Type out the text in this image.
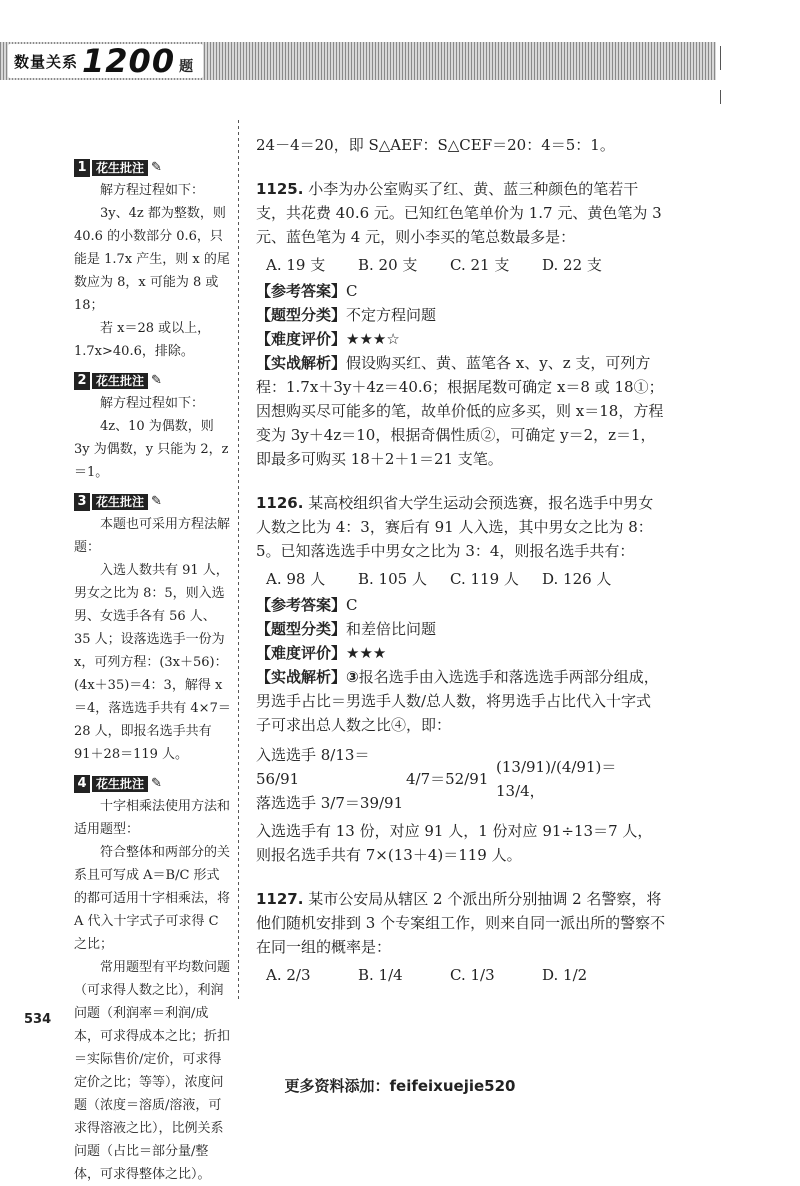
数量关系 1200 题
1 花生批注 ✎

解方程过程如下：

3y、4z 都为整数，则 40.6 的小数部分 0.6，只能是 1.7x 产生，则 x 的尾数应为 8，x 可能为 8 或 18；

若 x＝28 或以上，1.7x>40.6，排除。

2 花生批注 ✎

解方程过程如下：

4z、10 为偶数，则 3y 为偶数，y 只能为 2，z＝1。

3 花生批注 ✎

本题也可采用方程法解题：

入选人数共有 91 人，男女之比为 8：5，则入选男、女选手各有 56 人、35 人；设落选选手一份为 x，可列方程：(3x＋56)：(4x＋35)＝4：3，解得 x＝4，落选选手共有 4×7＝28 人，即报名选手共有 91＋28＝119 人。

4 花生批注 ✎

十字相乘法使用方法和适用题型：

符合整体和两部分的关系且可写成 A＝B/C 形式的都可适用十字相乘法，将 A 代入十字式子可求得 C 之比；

常用题型有平均数问题（可求得人数之比），利润问题（利润率＝利润/成本，可求得成本之比；折扣＝实际售价/定价，可求得定价之比；等等），浓度问题（浓度＝溶质/溶液，可求得溶液之比），比例关系问题（占比＝部分量/整体，可求得整体之比）。

24－4＝20，即 S△AEF：S△CEF＝20：4＝5：1。

1125. 小李为办公室购买了红、黄、蓝三种颜色的笔若干支，共花费 40.6 元。已知红色笔单价为 1.7 元、黄色笔为 3 元、蓝色笔为 4 元，则小李买的笔总数最多是：

A. 19 支	B. 20 支	C. 21 支	D. 22 支

【参考答案】C

【题型分类】不定方程问题

【难度评价】★★★☆

【实战解析】假设购买红、黄、蓝笔各 x、y、z 支，可列方程：1.7x＋3y＋4z＝40.6；根据尾数可确定 x＝8 或 18①；因想购买尽可能多的笔，故单价低的应多买，则 x＝18，方程变为 3y＋4z＝10，根据奇偶性质②，可确定 y＝2，z＝1，即最多可购买 18＋2＋1＝21 支笔。

1126. 某高校组织省大学生运动会预选赛，报名选手中男女人数之比为 4：3，赛后有 91 人入选，其中男女之比为 8：5。已知落选选手中男女之比为 3：4，则报名选手共有：

A. 98 人	B. 105 人	C. 119 人	D. 126 人

【参考答案】C

【题型分类】和差倍比问题

【难度评价】★★★

【实战解析】③报名选手由入选选手和落选选手两部分组成，男选手占比＝男选手人数/总人数，将男选手占比代入十字式子可求出总人数之比④，即：

入选选手 8/13＝56/91
落选选手 3/7＝39/91
4/7＝52/91
(13/91)/(4/91)＝13/4，

入选选手有 13 份，对应 91 人，1 份对应 91÷13＝7 人，则报名选手共有 7×(13＋4)＝119 人。

1127. 某市公安局从辖区 2 个派出所分别抽调 2 名警察，将他们随机安排到 3 个专案组工作，则来自同一派出所的警察不在同一组的概率是：

A. 2/3	B. 1/4	C. 1/3	D. 1/2
534
更多资料添加：feifeixuejie520
